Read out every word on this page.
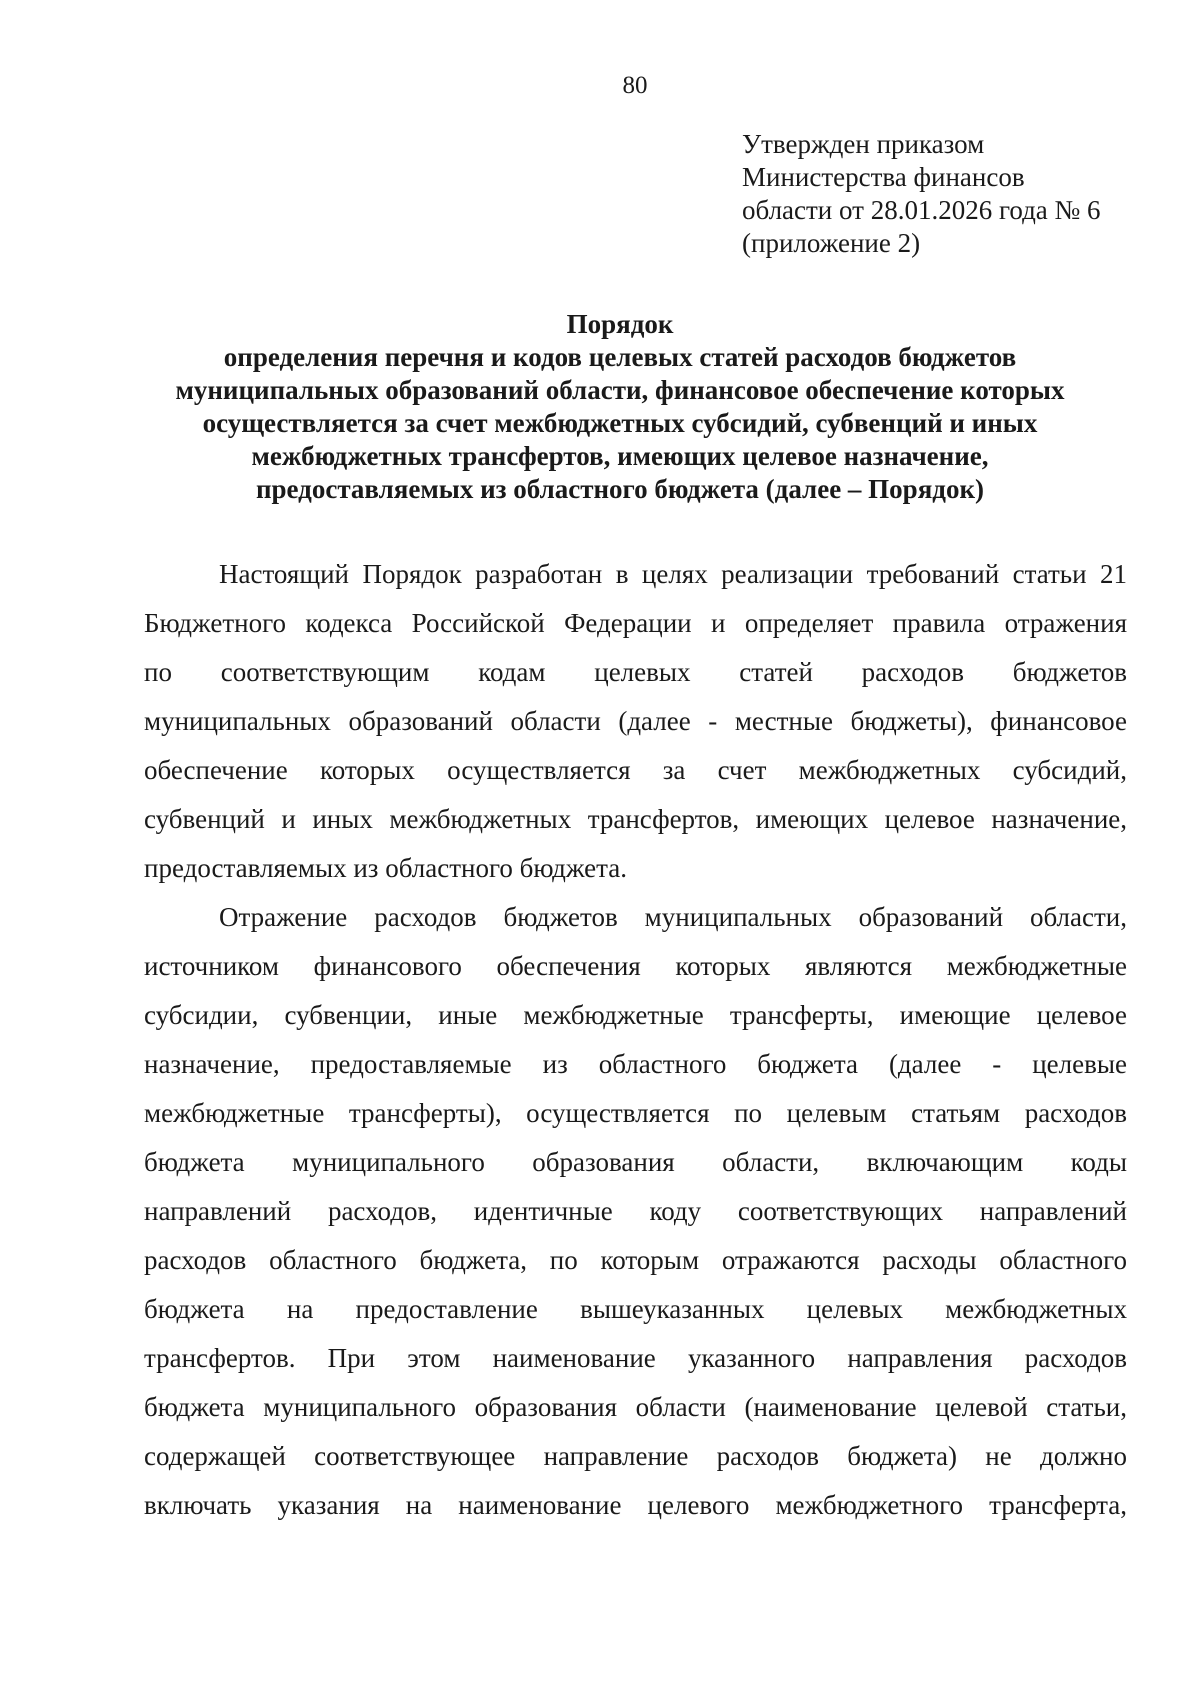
80
Утвержден приказом
Министерства финансов
области от 28.01.2026 года № 6
(приложение 2)
Порядок
определения перечня и кодов целевых статей расходов бюджетов
муниципальных образований области, финансовое обеспечение которых
осуществляется за счет межбюджетных субсидий, субвенций и иных
межбюджетных трансфертов, имеющих целевое назначение,
предоставляемых из областного бюджета (далее – Порядок)
Настоящий Порядок разработан в целях реализации требований статьи 21
Бюджетного кодекса Российской Федерации и определяет правила отражения
по соответствующим кодам целевых статей расходов бюджетов
муниципальных образований области (далее - местные бюджеты), финансовое
обеспечение которых осуществляется за счет межбюджетных субсидий,
субвенций и иных межбюджетных трансфертов, имеющих целевое назначение,
предоставляемых из областного бюджета.
Отражение расходов бюджетов муниципальных образований области,
источником финансового обеспечения которых являются межбюджетные
субсидии, субвенции, иные межбюджетные трансферты, имеющие целевое
назначение, предоставляемые из областного бюджета (далее - целевые
межбюджетные трансферты), осуществляется по целевым статьям расходов
бюджета муниципального образования области, включающим коды
направлений расходов, идентичные коду соответствующих направлений
расходов областного бюджета, по которым отражаются расходы областного
бюджета на предоставление вышеуказанных целевых межбюджетных
трансфертов. При этом наименование указанного направления расходов
бюджета муниципального образования области (наименование целевой статьи,
содержащей соответствующее направление расходов бюджета) не должно
включать указания на наименование целевого межбюджетного трансферта,
